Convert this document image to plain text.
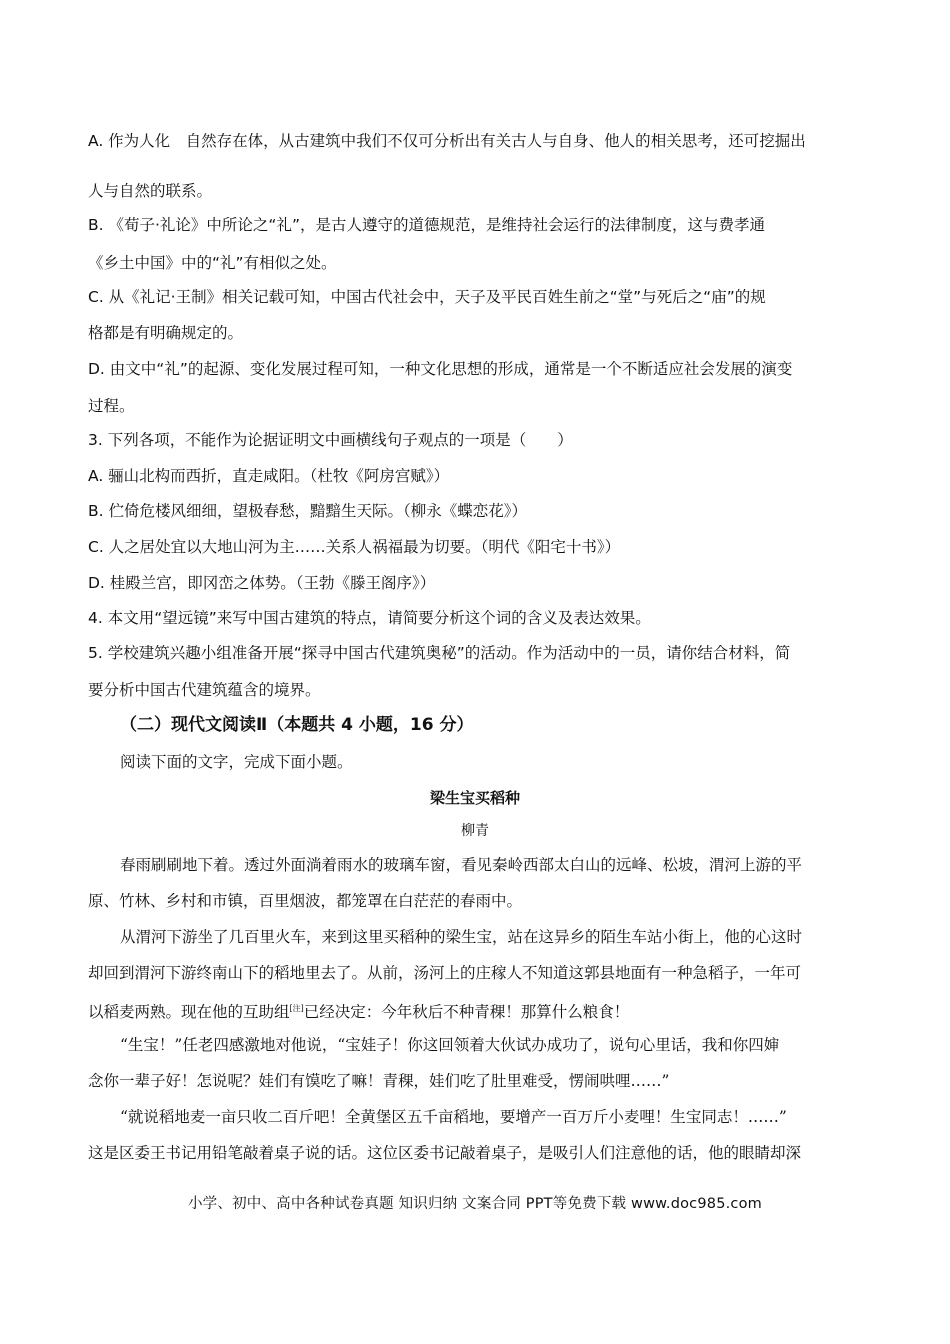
A. 作为人化　自然存在体，从古建筑中我们不仅可分析出有关古人与自身、他人的相关思考，还可挖掘出
人与自然的联系。
B. 《荀子·礼论》中所论之“礼”，是古人遵守的道德规范，是维持社会运行的法律制度，这与费孝通
《乡土中国》中的“礼”有相似之处。
C. 从《礼记·王制》相关记载可知，中国古代社会中，天子及平民百姓生前之“堂”与死后之“庙”的规
格都是有明确规定的。
D. 由文中“礼”的起源、变化发展过程可知，一种文化思想的形成，通常是一个不断适应社会发展的演变
过程。
3. 下列各项，不能作为论据证明文中画横线句子观点的一项是（　　）
A. 骊山北构而西折，直走咸阳。（杜牧《阿房宫赋》）
B. 伫倚危楼风细细，望极春愁，黯黯生天际。（柳永《蝶恋花》）
C. 人之居处宜以大地山河为主……关系人祸福最为切要。（明代《阳宅十书》）
D. 桂殿兰宫，即冈峦之体势。（王勃《滕王阁序》）
4. 本文用“望远镜”来写中国古建筑的特点，请简要分析这个词的含义及表达效果。
5. 学校建筑兴趣小组准备开展“探寻中国古代建筑奥秘”的活动。作为活动中的一员，请你结合材料，简
要分析中国古代建筑蕴含的境界。
（二）现代文阅读Ⅱ（本题共 4 小题，16 分）
阅读下面的文字，完成下面小题。
梁生宝买稻种
柳青
春雨刷刷地下着。透过外面淌着雨水的玻璃车窗，看见秦岭西部太白山的远峰、松坡，渭河上游的平
原、竹林、乡村和市镇，百里烟波，都笼罩在白茫茫的春雨中。
从渭河下游坐了几百里火车，来到这里买稻种的梁生宝，站在这异乡的陌生车站小街上，他的心这时
却回到渭河下游终南山下的稻地里去了。从前，汤河上的庄稼人不知道这郭县地面有一种急稻子，一年可
以稻麦两熟。现在他的互助组[注]已经决定：今年秋后不种青稞！那算什么粮食！
“生宝！”任老四感激地对他说，“宝娃子！你这回领着大伙试办成功了，说句心里话，我和你四婶
念你一辈子好！怎说呢？娃们有馍吃了嘛！青稞，娃们吃了肚里难受，愣闹哄哩……”
“就说稻地麦一亩只收二百斤吧！全黄堡区五千亩稻地，要增产一百万斤小麦哩！生宝同志！……”
这是区委王书记用铅笔敲着桌子说的话。这位区委书记敲着桌子，是吸引人们注意他的话，他的眼睛却深
小学、初中、高中各种试卷真题 知识归纳 文案合同 PPT等免费下载 www.doc985.com
